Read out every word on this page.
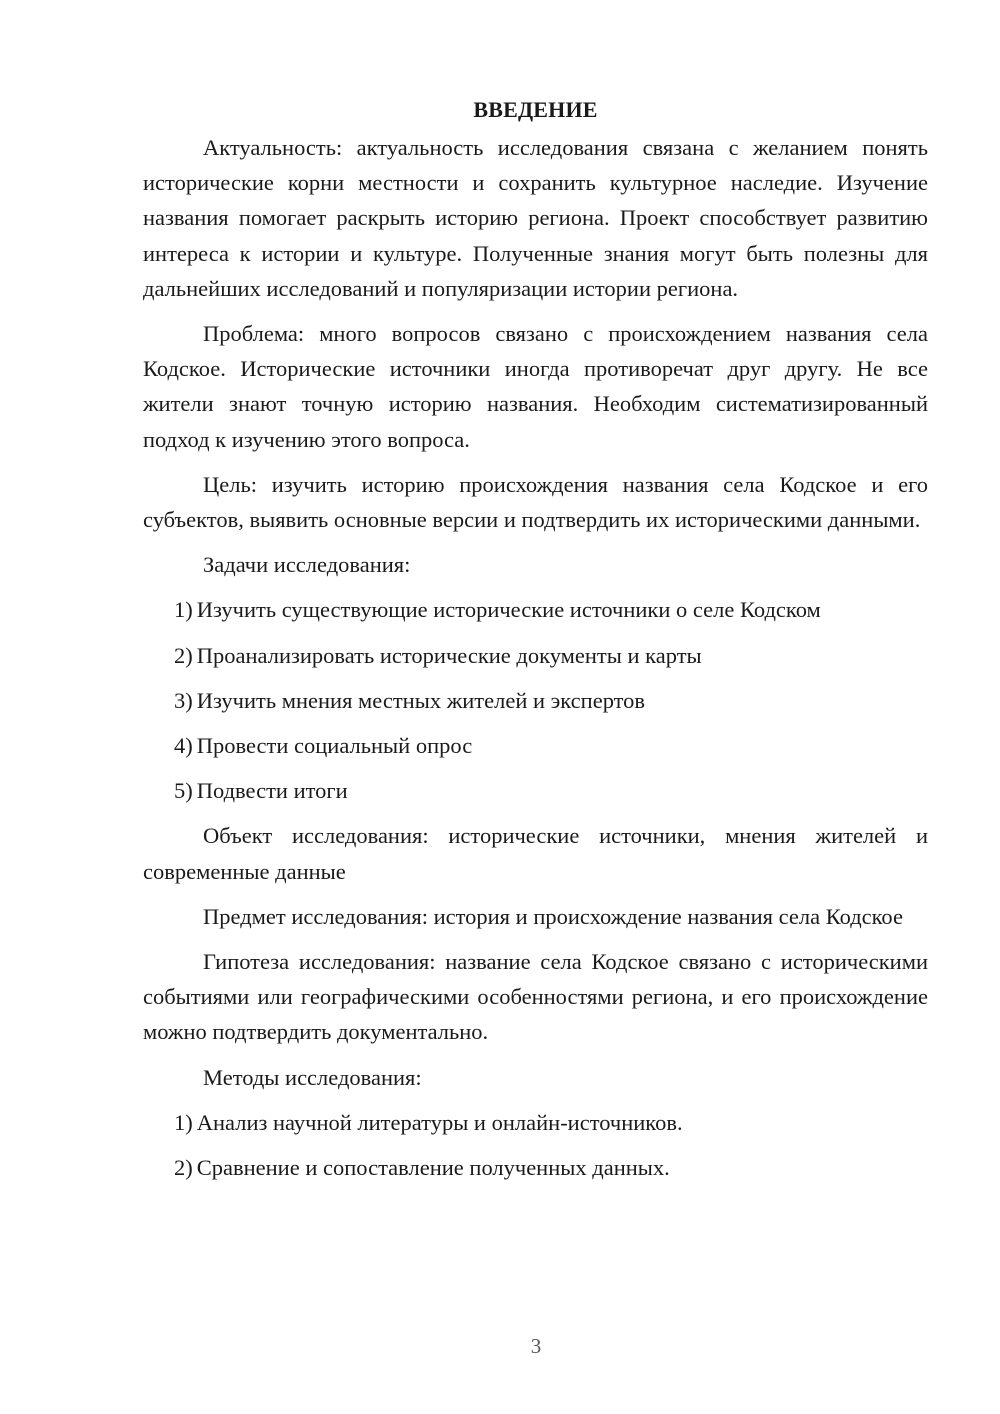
ВВЕДЕНИЕ

Актуальность: актуальность исследования связана с желанием понять исторические корни местности и сохранить культурное наследие. Изучение названия помогает раскрыть историю региона. Проект способствует развитию интереса к истории и культуре. Полученные знания могут быть полезны для дальнейших исследований и популяризации истории региона.

Проблема: много вопросов связано с происхождением названия села Кодское. Исторические источники иногда противоречат друг другу. Не все жители знают точную историю названия. Необходим систематизированный подход к изучению этого вопроса.

Цель: изучить историю происхождения названия села Кодское и его субъектов, выявить основные версии и подтвердить их историческими данными.

Задачи исследования:

1) Изучить существующие исторические источники о селе Кодском
2) Проанализировать исторические документы и карты
3) Изучить мнения местных жителей и экспертов
4) Провести социальный опрос
5) Подвести итоги

Объект исследования: исторические источники, мнения жителей и современные данные

Предмет исследования: история и происхождение названия села Кодское

Гипотеза исследования: название села Кодское связано с историческими событиями или географическими особенностями региона, и его происхождение можно подтвердить документально.

Методы исследования:

1) Анализ научной литературы и онлайн-источников.
2) Сравнение и сопоставление полученных данных.
3
